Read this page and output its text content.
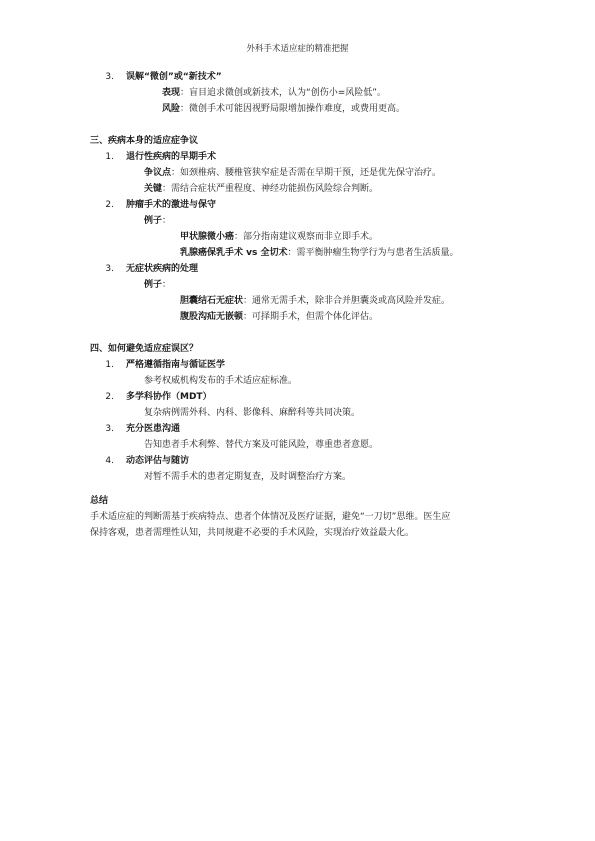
外科手术适应症的精准把握
3. 误解“微创”或“新技术”
表现：盲目追求微创或新技术，认为“创伤小=风险低”。
风险：微创手术可能因视野局限增加操作难度，或费用更高。
三、疾病本身的适应症争议
1. 退行性疾病的早期手术
争议点：如颈椎病、腰椎管狭窄症是否需在早期干预，还是优先保守治疗。
关键：需结合症状严重程度、神经功能损伤风险综合判断。
2. 肿瘤手术的激进与保守
例子：
甲状腺微小癌：部分指南建议观察而非立即手术。
乳腺癌保乳手术 vs 全切术：需平衡肿瘤生物学行为与患者生活质量。
3. 无症状疾病的处理
例子：
胆囊结石无症状：通常无需手术，除非合并胆囊炎或高风险并发症。
腹股沟疝无嵌顿：可择期手术，但需个体化评估。
四、如何避免适应症误区？
1. 严格遵循指南与循证医学
参考权威机构发布的手术适应症标准。
2. 多学科协作（MDT）
复杂病例需外科、内科、影像科、麻醉科等共同决策。
3. 充分医患沟通
告知患者手术利弊、替代方案及可能风险，尊重患者意愿。
4. 动态评估与随访
对暂不需手术的患者定期复查，及时调整治疗方案。

总结

手术适应症的判断需基于疾病特点、患者个体情况及医疗证据，避免“一刀切”思维。医生应

保持客观，患者需理性认知，共同规避不必要的手术风险，实现治疗效益最大化。
